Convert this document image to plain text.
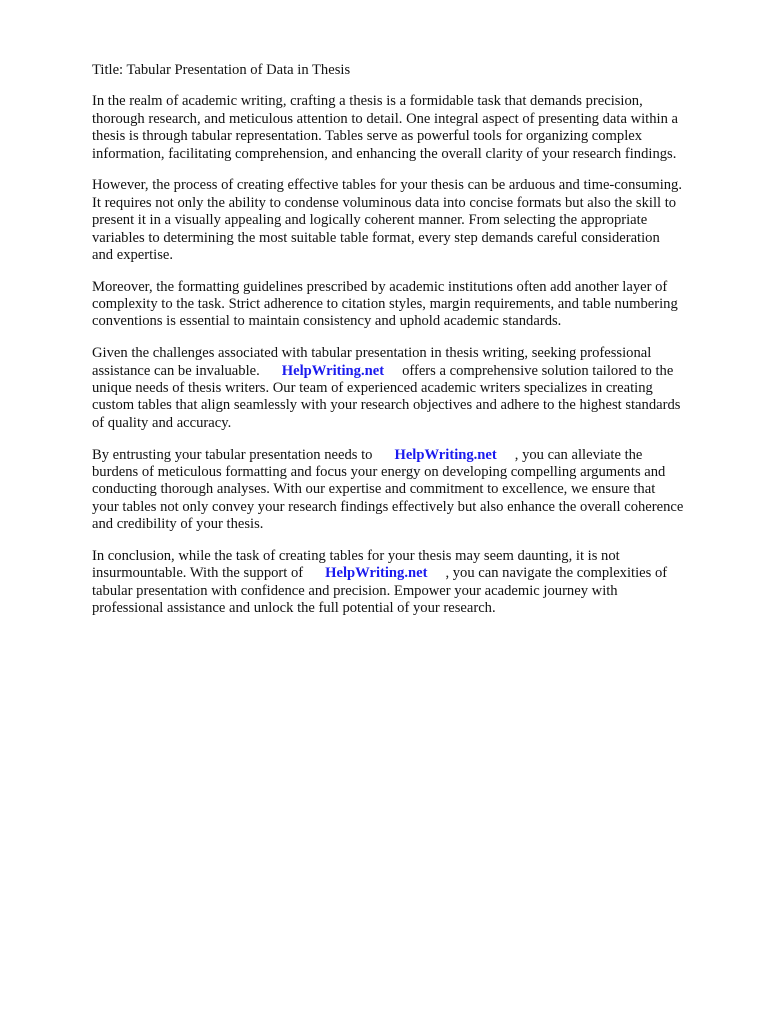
Title: Tabular Presentation of Data in Thesis
In the realm of academic writing, crafting a thesis is a formidable task that demands precision,
thorough research, and meticulous attention to detail. One integral aspect of presenting data within a
thesis is through tabular representation. Tables serve as powerful tools for organizing complex
information, facilitating comprehension, and enhancing the overall clarity of your research findings.
However, the process of creating effective tables for your thesis can be arduous and time-consuming.
It requires not only the ability to condense voluminous data into concise formats but also the skill to
present it in a visually appealing and logically coherent manner. From selecting the appropriate
variables to determining the most suitable table format, every step demands careful consideration
and expertise.
Moreover, the formatting guidelines prescribed by academic institutions often add another layer of
complexity to the task. Strict adherence to citation styles, margin requirements, and table numbering
conventions is essential to maintain consistency and uphold academic standards.
Given the challenges associated with tabular presentation in thesis writing, seeking professional
assistance can be invaluable. HelpWriting.net offers a comprehensive solution tailored to the
unique needs of thesis writers. Our team of experienced academic writers specializes in creating
custom tables that align seamlessly with your research objectives and adhere to the highest standards
of quality and accuracy.
By entrusting your tabular presentation needs to HelpWriting.net , you can alleviate the
burdens of meticulous formatting and focus your energy on developing compelling arguments and
conducting thorough analyses. With our expertise and commitment to excellence, we ensure that
your tables not only convey your research findings effectively but also enhance the overall coherence
and credibility of your thesis.
In conclusion, while the task of creating tables for your thesis may seem daunting, it is not
insurmountable. With the support of HelpWriting.net , you can navigate the complexities of
tabular presentation with confidence and precision. Empower your academic journey with
professional assistance and unlock the full potential of your research.
